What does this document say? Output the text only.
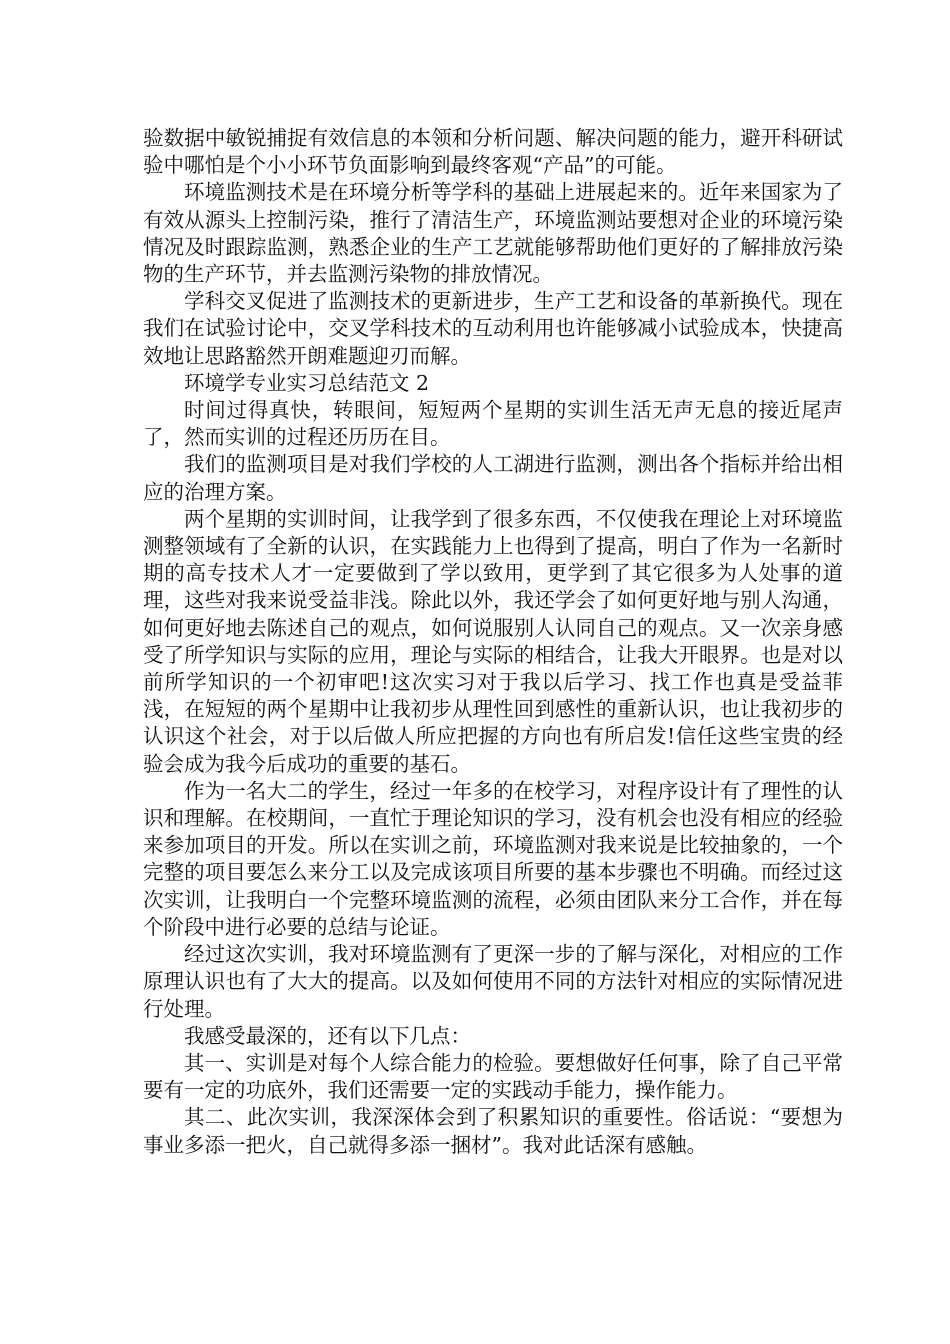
验数据中敏锐捕捉有效信息的本领和分析问题、解决问题的能力，避开科研试验中哪怕是个小小环节负面影响到最终客观“产品”的可能。

环境监测技术是在环境分析等学科的基础上进展起来的。近年来国家为了有效从源头上控制污染，推行了清洁生产，环境监测站要想对企业的环境污染情况及时跟踪监测，熟悉企业的生产工艺就能够帮助他们更好的了解排放污染物的生产环节，并去监测污染物的排放情况。

学科交叉促进了监测技术的更新进步，生产工艺和设备的革新换代。现在我们在试验讨论中，交叉学科技术的互动利用也许能够减小试验成本，快捷高效地让思路豁然开朗难题迎刃而解。

环境学专业实习总结范文 2

时间过得真快，转眼间，短短两个星期的实训生活无声无息的接近尾声了，然而实训的过程还历历在目。

我们的监测项目是对我们学校的人工湖进行监测，测出各个指标并给出相应的治理方案。

两个星期的实训时间，让我学到了很多东西，不仅使我在理论上对环境监测整领域有了全新的认识，在实践能力上也得到了提高，明白了作为一名新时期的高专技术人才一定要做到了学以致用，更学到了其它很多为人处事的道理，这些对我来说受益非浅。除此以外，我还学会了如何更好地与别人沟通，如何更好地去陈述自己的观点，如何说服别人认同自己的观点。又一次亲身感受了所学知识与实际的应用，理论与实际的相结合，让我大开眼界。也是对以前所学知识的一个初审吧!这次实习对于我以后学习、找工作也真是受益菲浅，在短短的两个星期中让我初步从理性回到感性的重新认识，也让我初步的认识这个社会，对于以后做人所应把握的方向也有所启发!信任这些宝贵的经验会成为我今后成功的重要的基石。

作为一名大二的学生，经过一年多的在校学习，对程序设计有了理性的认识和理解。在校期间，一直忙于理论知识的学习，没有机会也没有相应的经验来参加项目的开发。所以在实训之前，环境监测对我来说是比较抽象的，一个完整的项目要怎么来分工以及完成该项目所要的基本步骤也不明确。而经过这次实训，让我明白一个完整环境监测的流程，必须由团队来分工合作，并在每个阶段中进行必要的总结与论证。

经过这次实训，我对环境监测有了更深一步的了解与深化，对相应的工作原理认识也有了大大的提高。以及如何使用不同的方法针对相应的实际情况进行处理。

我感受最深的，还有以下几点：

其一、实训是对每个人综合能力的检验。要想做好任何事，除了自己平常要有一定的功底外，我们还需要一定的实践动手能力，操作能力。

其二、此次实训，我深深体会到了积累知识的重要性。俗话说：“要想为事业多添一把火，自己就得多添一捆材”。我对此话深有感触。
